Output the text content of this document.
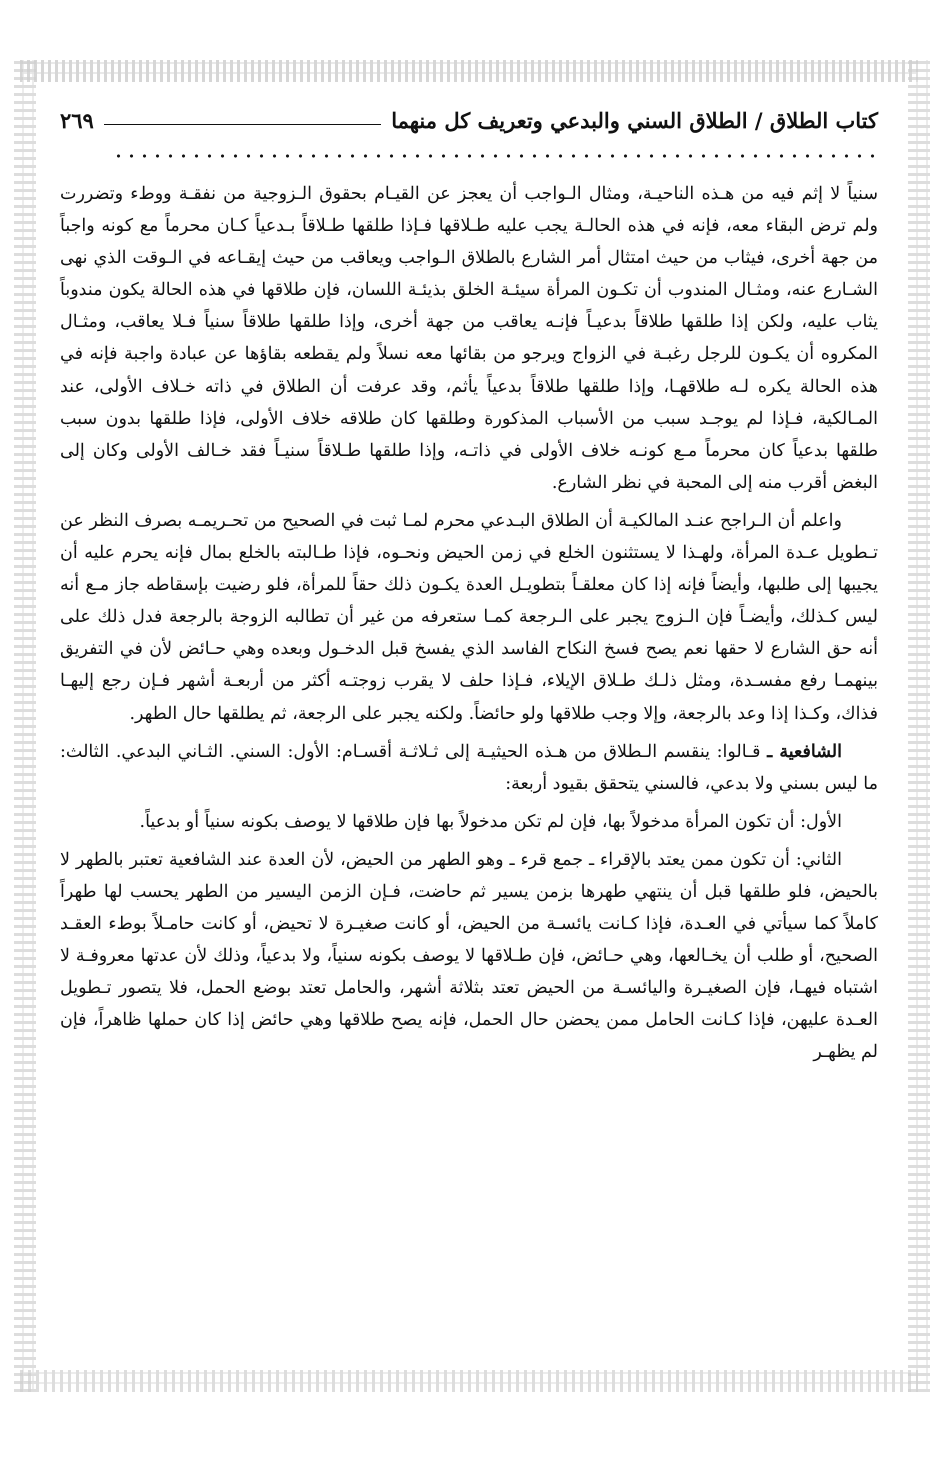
كتاب الطلاق / الطلاق السني والبدعي وتعريف كل منهما
٢٦٩

سنياً لا إثم فيه من هـذه الناحيـة، ومثال الـواجب أن يعجز عن القيـام بحقوق الـزوجية من نفقـة ووطء وتضررت ولم ترض البقاء معه، فإنه في هذه الحالـة يجب عليه طـلاقها فـإذا طلقها طـلاقاً بـدعياً كـان محرماً مع كونه واجباً من جهة أخرى، فيثاب من حيث امتثال أمر الشارع بالطلاق الـواجب ويعاقب من حيث إيقـاعه في الـوقت الذي نهى الشـارع عنه، ومثـال المندوب أن تكـون المرأة سيئـة الخلق بذيئـة اللسان، فإن طلاقها في هذه الحالة يكون مندوباً يثاب عليه، ولكن إذا طلقها طلاقاً بدعيـاً فإنـه يعاقب من جهة أخرى، وإذا طلقها طلاقاً سنياً فـلا يعاقب، ومثـال المكروه أن يكـون للرجل رغبـة في الزواج ويرجو من بقائها معه نسلاً ولم يقطعه بقاؤها عن عبادة واجبة فإنه في هذه الحالة يكره لـه طلاقهـا، وإذا طلقها طلاقاً بدعياً يأثم، وقد عرفت أن الطلاق في ذاته خـلاف الأولى، عند المـالكية، فـإذا لم يوجـد سبب من الأسباب المذكورة وطلقها كان طلاقه خلاف الأولى، فإذا طلقها بدون سبب طلقها بدعياً كان محرماً مـع كونـه خلاف الأولى في ذاتـه، وإذا طلقها طـلاقاً سنيـاً فقد خـالف الأولى وكان إلى البغض أقرب منه إلى المحبة في نظر الشارع.

واعلم أن الـراجح عنـد المالكيـة أن الطلاق البـدعي محرم لمـا ثبت في الصحيح من تحـريمـه بصرف النظر عن تـطويل عـدة المرأة، ولهـذا لا يستثنون الخلع في زمن الحيض ونحـوه، فإذا طـالبته بالخلع بمال فإنه يحرم عليه أن يجيبها إلى طلبها، وأيضاً فإنه إذا كان معلقـاً بتطويـل العدة يكـون ذلك حقاً للمرأة، فلو رضيت بإسقاطه جاز مـع أنه ليس كـذلك، وأيضـاً فإن الـزوج يجبر على الـرجعة كمـا ستعرفه من غير أن تطالبه الزوجة بالرجعة فدل ذلك على أنه حق الشارع لا حقها نعم يصح فسخ النكاح الفاسد الذي يفسخ قبل الدخـول وبعده وهي حـائض لأن في التفريق بينهمـا رفع مفسـدة، ومثل ذلـك طـلاق الإيلاء، فـإذا حلف لا يقرب زوجتـه أكثر من أربعـة أشهر فـإن رجع إليهـا فذاك، وكـذا إذا وعد بالرجعة، وإلا وجب طلاقها ولو حائضاً. ولكنه يجبر على الرجعة، ثم يطلقها حال الطهر.

الشافعية ـ قـالوا: ينقسم الـطلاق من هـذه الحيثيـة إلى ثـلاثـة أقسـام: الأول: السني. الثـاني البدعي. الثالث: ما ليس بسني ولا بدعي، فالسني يتحقق بقيود أربعة:

الأول: أن تكون المرأة مدخولاً بها، فإن لم تكن مدخولاً بها فإن طلاقها لا يوصف بكونه سنياً أو بدعياً.

الثاني: أن تكون ممن يعتد بالإقراء ـ جمع قرء ـ وهو الطهر من الحيض، لأن العدة عند الشافعية تعتبر بالطهر لا بالحيض، فلو طلقها قبل أن ينتهي طهرها بزمن يسير ثم حاضت، فـإن الزمن اليسير من الطهر يحسب لها طهراً كاملاً كما سيأتي في العـدة، فإذا كـانت يائسـة من الحيض، أو كانت صغيـرة لا تحيض، أو كانت حامـلاً بوطء العقـد الصحيح، أو طلب أن يخـالعها، وهي حـائض، فإن طـلاقها لا يوصف بكونه سنياً، ولا بدعياً، وذلك لأن عدتها معروفـة لا اشتباه فيهـا، فإن الصغيـرة واليائسـة من الحيض تعتد بثلاثة أشهر، والحامل تعتد بوضع الحمل، فلا يتصور تـطويل العـدة عليهن، فإذا كـانت الحامل ممن يحضن حال الحمل، فإنه يصح طلاقها وهي حائض إذا كان حملها ظاهراً، فإن لم يظهـر
